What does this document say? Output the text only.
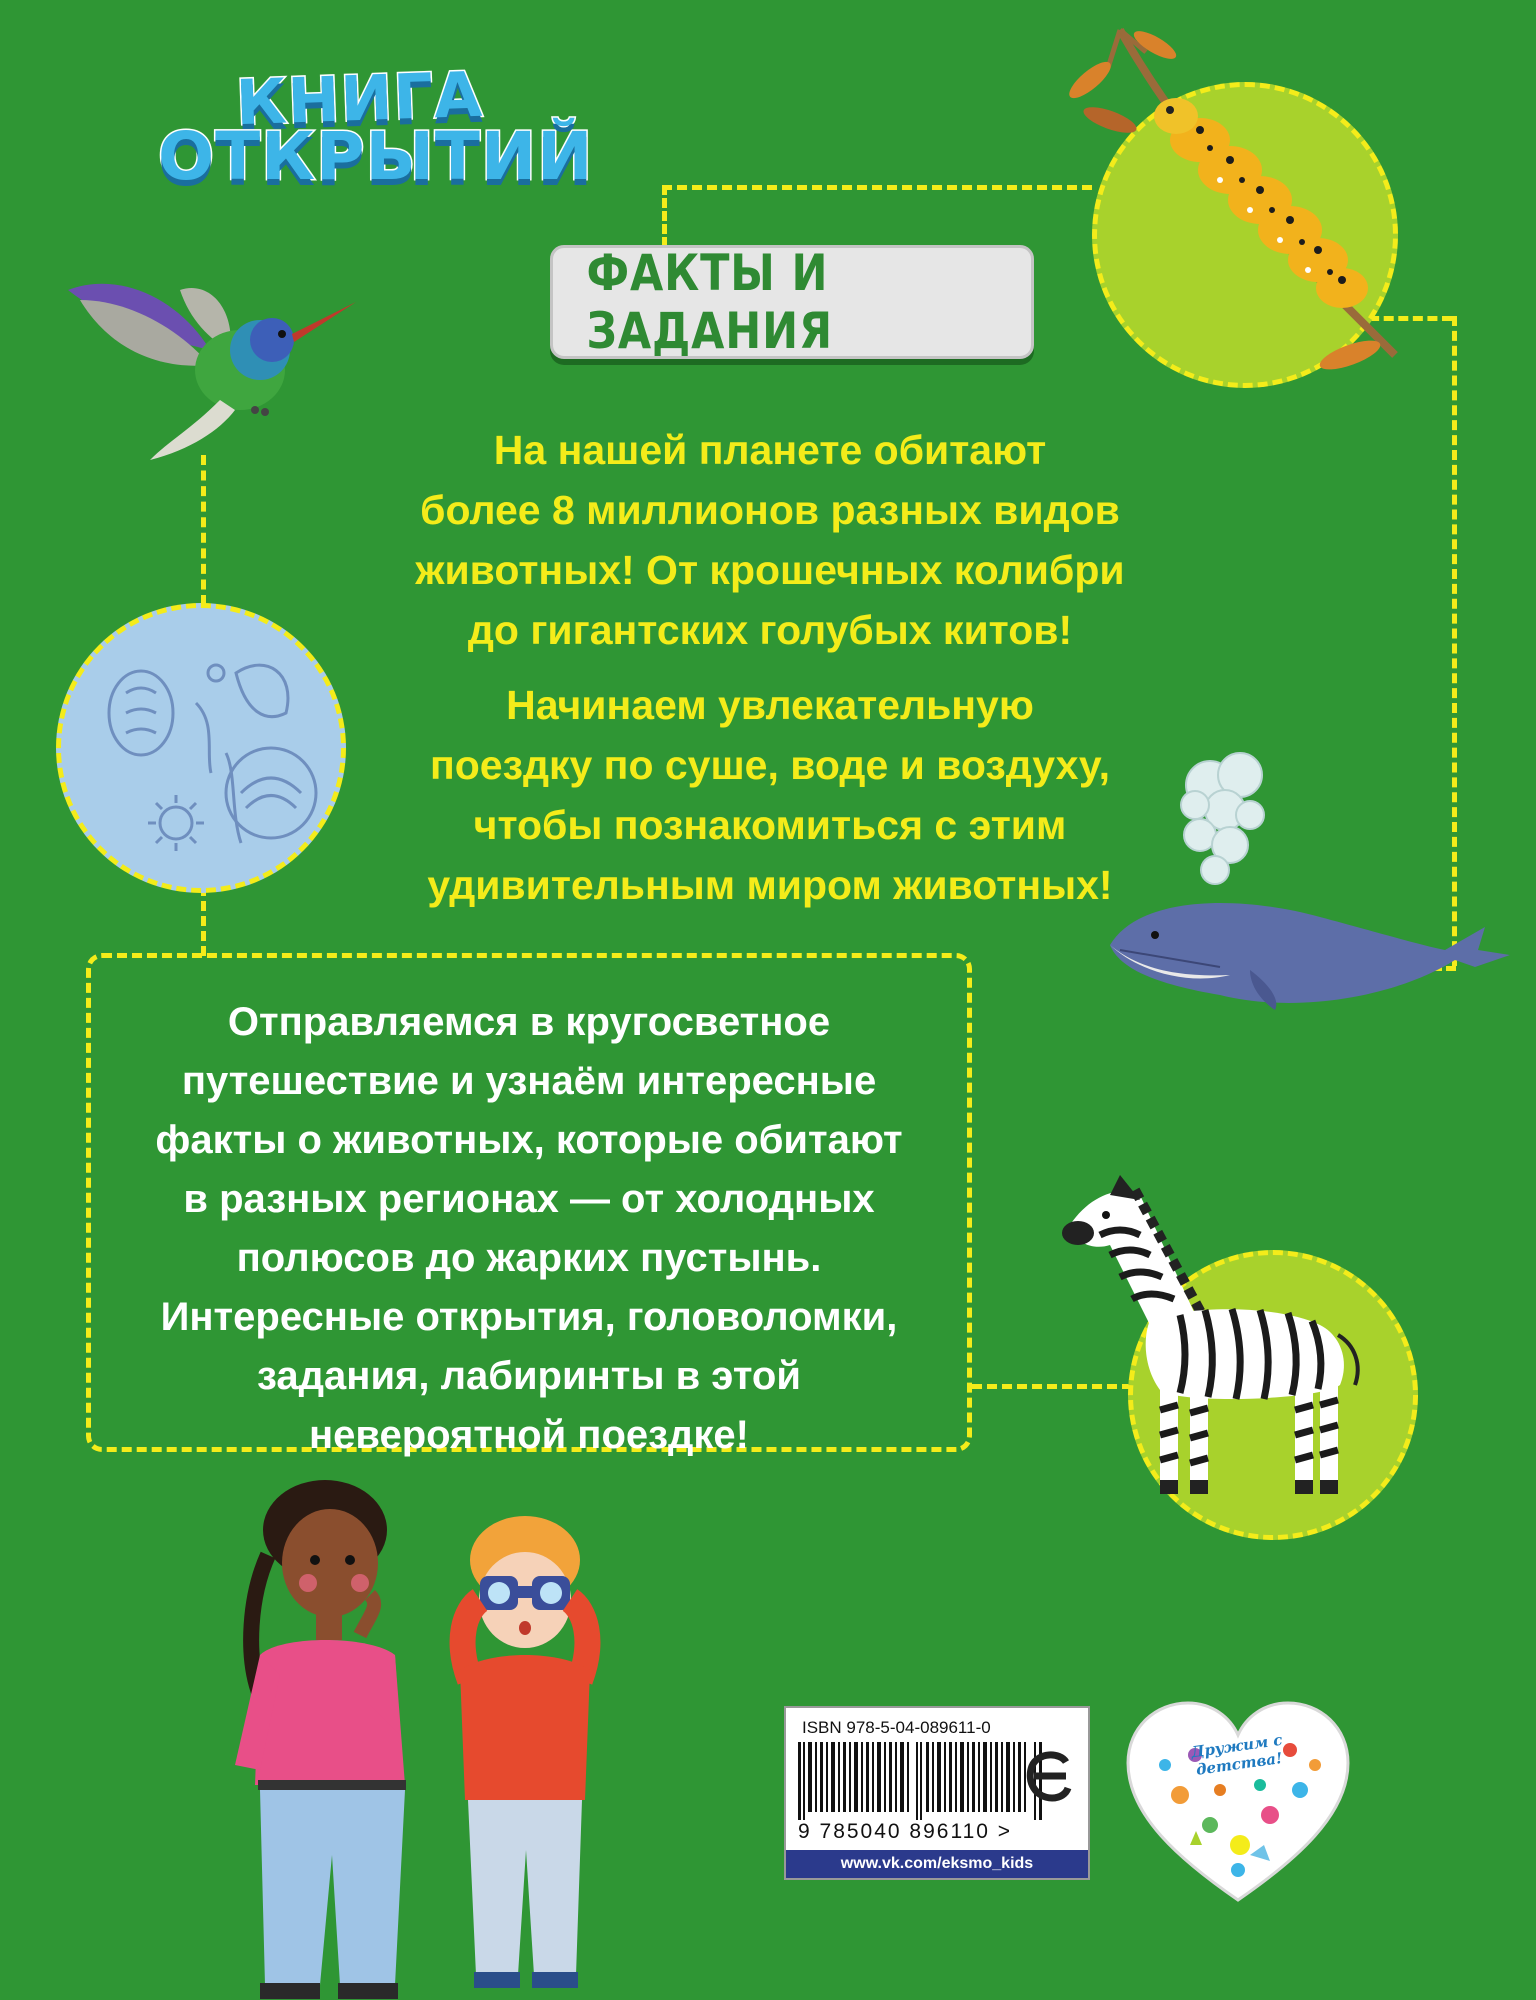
КНИГА
ОТКРЫТИЙ
ФАКТЫ И ЗАДАНИЯ
На нашей планете обитают
более 8 миллионов разных видов
животных! От крошечных колибри
до гигантских голубых китов!
Начинаем увлекательную
поездку по суше, воде и воздуху,
чтобы познакомиться с этим
удивительным миром животных!
Отправляемся в кругосветное
путешествие и узнаём интересные
факты о животных, которые обитают
в разных регионах — от холодных
полюсов до жарких пустынь.
Интересные открытия, головоломки,
задания, лабиринты в этой
невероятной поездке!
ISBN 978-5-04-089611-0
9 785040 896110 >
www.vk.com/eksmo_kids
Дружим с детства!
